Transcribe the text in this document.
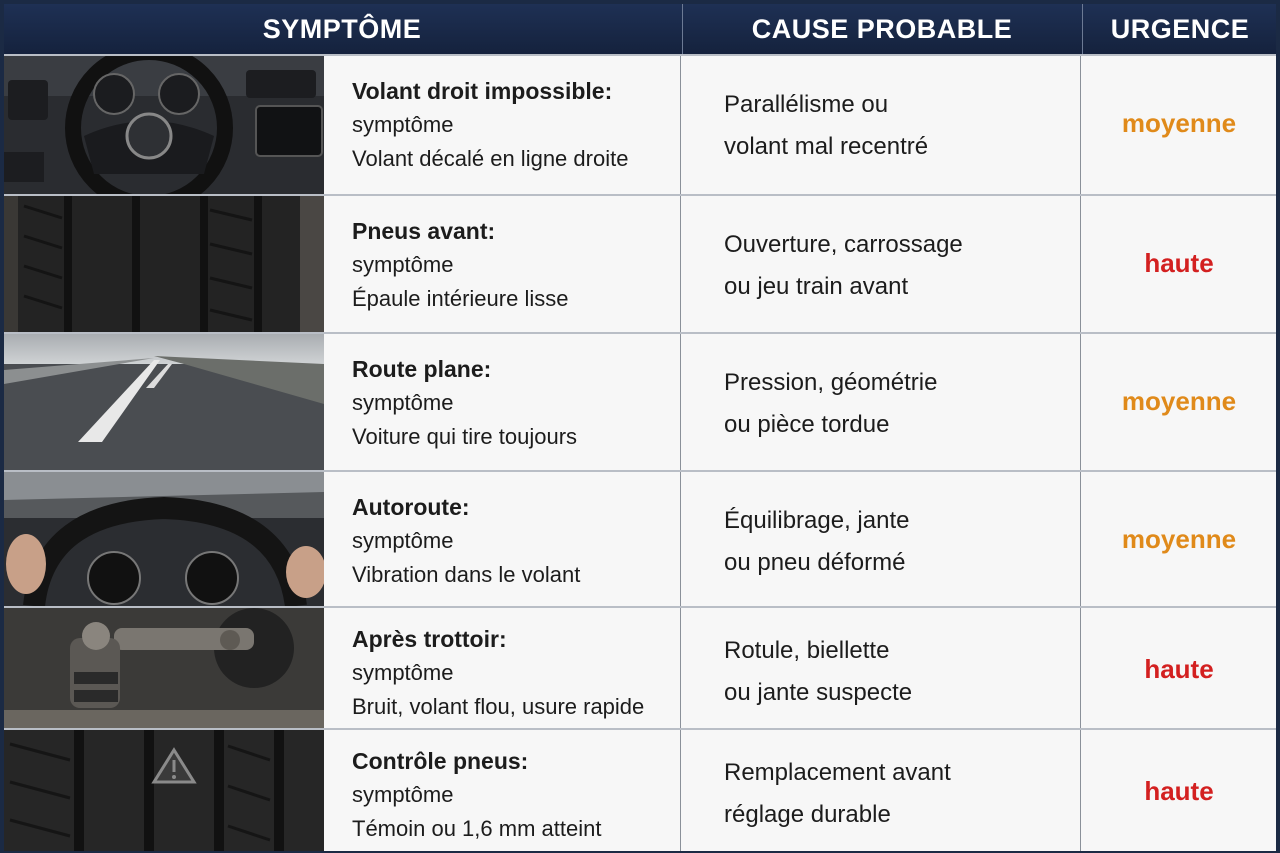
SYMPTÔME	CAUSE PROBABLE	URGENCE
Volant droit impossible:
symptôme
Volant décalé en ligne droite
Parallélisme ou
volant mal recentré
moyenne
Pneus avant:
symptôme
Épaule intérieure lisse
Ouverture, carrossage
ou jeu train avant
haute
Route plane:
symptôme
Voiture qui tire toujours
Pression, géométrie
ou pièce tordue
moyenne
Autoroute:
symptôme
Vibration dans le volant
Équilibrage, jante
ou pneu déformé
moyenne
Après trottoir:
symptôme
Bruit, volant flou, usure rapide
Rotule, biellette
ou jante suspecte
haute
Contrôle pneus:
symptôme
Témoin ou 1,6 mm atteint
Remplacement avant
réglage durable
haute
